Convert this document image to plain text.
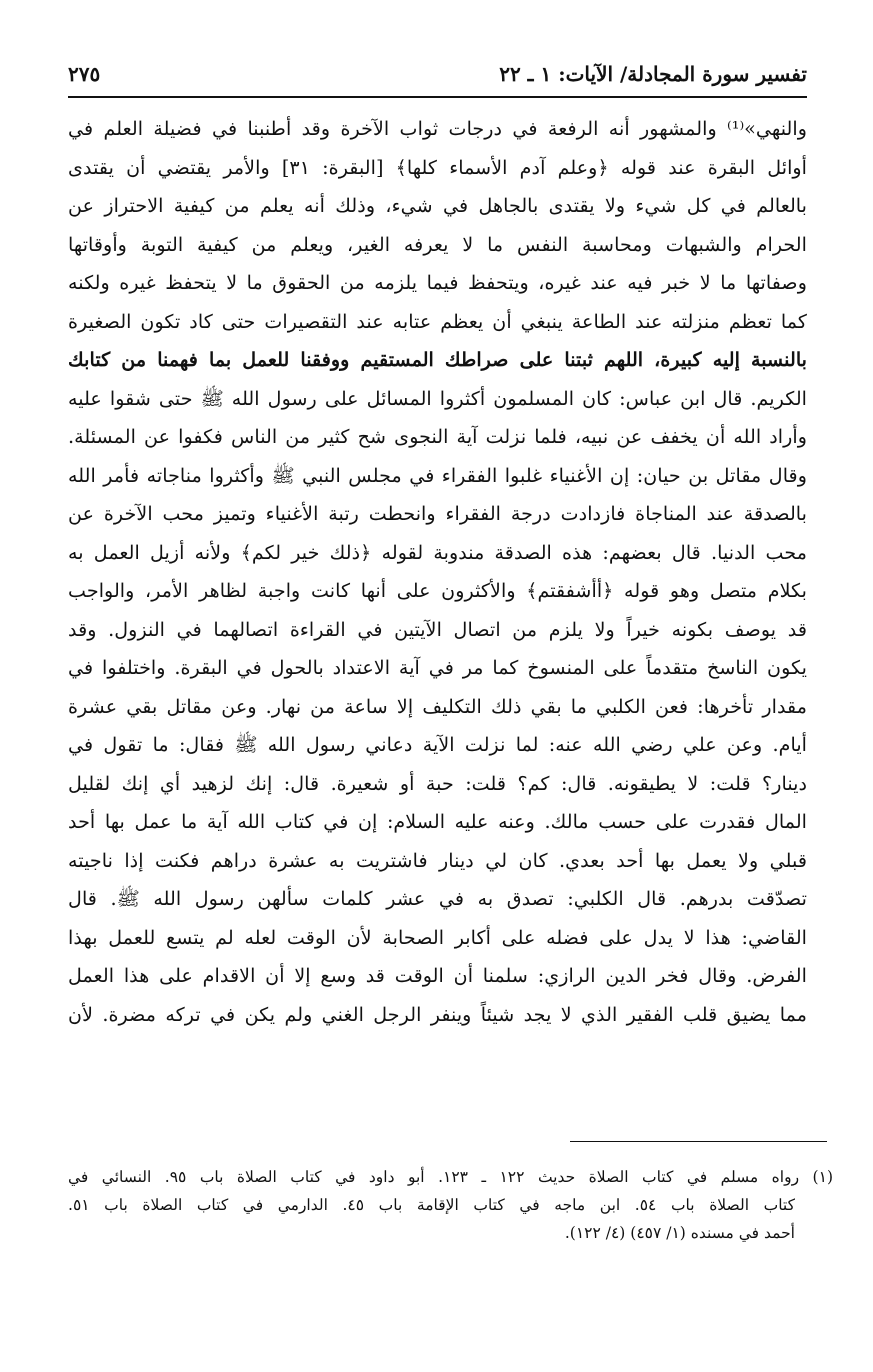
تفسير سورة المجادلة/ الآيات: ١ ـ ٢٢
٢٧٥
والنهي»⁽¹⁾ والمشهور أنه الرفعة في درجات ثواب الآخرة وقد أطنبنا في فضيلة العلم في
أوائل البقرة عند قوله ﴿وعلم آدم الأسماء كلها﴾ [البقرة: ٣١] والأمر يقتضي أن يقتدى
بالعالم في كل شيء ولا يقتدى بالجاهل في شيء، وذلك أنه يعلم من كيفية الاحتراز عن
الحرام والشبهات ومحاسبة النفس ما لا يعرفه الغير، ويعلم من كيفية التوبة وأوقاتها
وصفاتها ما لا خبر فيه عند غيره، ويتحفظ فيما يلزمه من الحقوق ما لا يتحفظ غيره ولكنه
كما تعظم منزلته عند الطاعة ينبغي أن يعظم عتابه عند التقصيرات حتى كاد تكون الصغيرة
بالنسبة إليه كبيرة، اللهم ثبتنا على صراطك المستقيم ووفقنا للعمل بما فهمنا من كتابك
الكريم. قال ابن عباس: كان المسلمون أكثروا المسائل على رسول الله ﷺ حتى شقوا عليه
وأراد الله أن يخفف عن نبيه، فلما نزلت آية النجوى شح كثير من الناس فكفوا عن المسئلة.
وقال مقاتل بن حيان: إن الأغنياء غلبوا الفقراء في مجلس النبي ﷺ وأكثروا مناجاته فأمر الله
بالصدقة عند المناجاة فازدادت درجة الفقراء وانحطت رتبة الأغنياء وتميز محب الآخرة عن
محب الدنيا. قال بعضهم: هذه الصدقة مندوبة لقوله ﴿ذلك خير لكم﴾ ولأنه أزيل العمل به
بكلام متصل وهو قوله ﴿أأشفقتم﴾ والأكثرون على أنها كانت واجبة لظاهر الأمر، والواجب
قد يوصف بكونه خيراً ولا يلزم من اتصال الآيتين في القراءة اتصالهما في النزول. وقد
يكون الناسخ متقدماً على المنسوخ كما مر في آية الاعتداد بالحول في البقرة. واختلفوا في
مقدار تأخرها: فعن الكلبي ما بقي ذلك التكليف إلا ساعة من نهار. وعن مقاتل بقي عشرة
أيام. وعن علي رضي الله عنه: لما نزلت الآية دعاني رسول الله ﷺ فقال: ما تقول في
دينار؟ قلت: لا يطيقونه. قال: كم؟ قلت: حبة أو شعيرة. قال: إنك لزهيد أي إنك لقليل
المال فقدرت على حسب مالك. وعنه عليه السلام: إن في كتاب الله آية ما عمل بها أحد
قبلي ولا يعمل بها أحد بعدي. كان لي دينار فاشتريت به عشرة دراهم فكنت إذا ناجيته
تصدّقت بدرهم. قال الكلبي: تصدق به في عشر كلمات سألهن رسول الله ﷺ. قال
القاضي: هذا لا يدل على فضله على أكابر الصحابة لأن الوقت لعله لم يتسع للعمل بهذا
الفرض. وقال فخر الدين الرازي: سلمنا أن الوقت قد وسع إلا أن الاقدام على هذا العمل
مما يضيق قلب الفقير الذي لا يجد شيئاً وينفر الرجل الغني ولم يكن في تركه مضرة. لأن
(١) رواه مسلم في كتاب الصلاة حديث ١٢٢ ـ ١٢٣. أبو داود في كتاب الصلاة باب ٩٥. النسائي في
كتاب الصلاة باب ٥٤. ابن ماجه في كتاب الإقامة باب ٤٥. الدارمي في كتاب الصلاة باب ٥١.
أحمد في مسنده (١/ ٤٥٧) (٤/ ١٢٢).
